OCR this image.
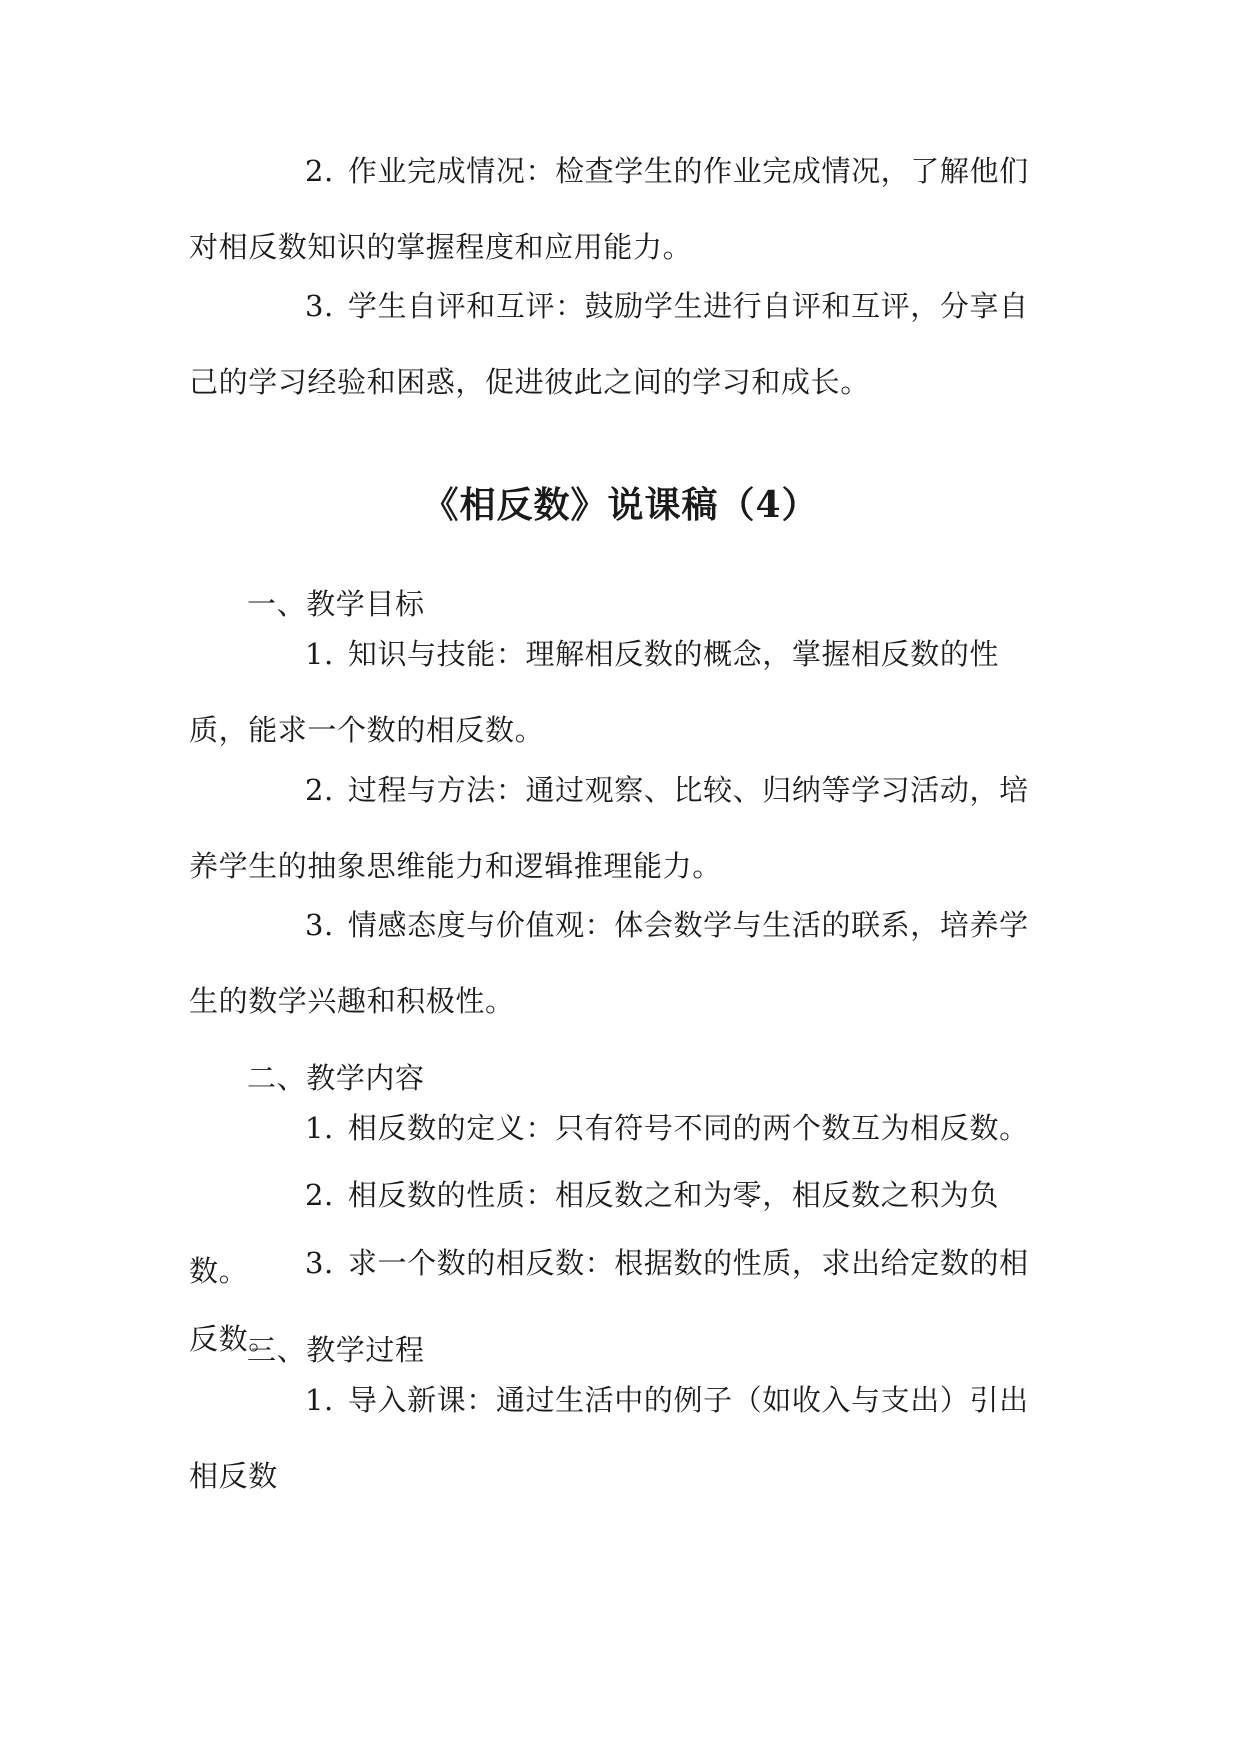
2. 作业完成情况：检查学生的作业完成情况，了解他们对相反数知识的掌握程度和应用能力。

3. 学生自评和互评：鼓励学生进行自评和互评，分享自己的学习经验和困惑，促进彼此之间的学习和成长。

《相反数》说课稿（4）

一、教学目标

1. 知识与技能：理解相反数的概念，掌握相反数的性质，能求一个数的相反数。

2. 过程与方法：通过观察、比较、归纳等学习活动，培养学生的抽象思维能力和逻辑推理能力。

3. 情感态度与价值观：体会数学与生活的联系，培养学生的数学兴趣和积极性。

二、教学内容

1. 相反数的定义：只有符号不同的两个数互为相反数。

2. 相反数的性质：相反数之和为零，相反数之积为负数。	3. 求一个数的相反数：根据数的性质，求出给定数的相反数。

三、教学过程

1. 导入新课：通过生活中的例子（如收入与支出）引出相反数
